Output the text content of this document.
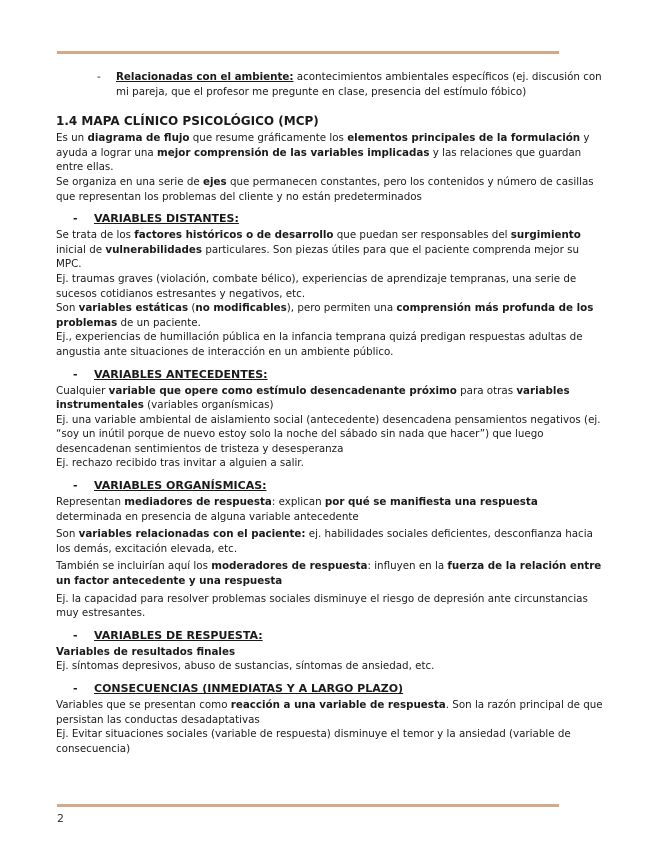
- Relacionadas con el ambiente: acontecimientos ambientales específicos (ej. discusión con mi pareja, que el profesor me pregunte en clase, presencia del estímulo fóbico)

1.4 MAPA CLÍNICO PSICOLÓGICO (MCP)

Es un diagrama de flujo que resume gráficamente los elementos principales de la formulación y ayuda a lograr una mejor comprensión de las variables implicadas y las relaciones que guardan entre ellas.

Se organiza en una serie de ejes que permanecen constantes, pero los contenidos y número de casillas que representan los problemas del cliente y no están predeterminados

- VARIABLES DISTANTES:

Se trata de los factores históricos o de desarrollo que puedan ser responsables del surgimiento inicial de vulnerabilidades particulares. Son piezas útiles para que el paciente comprenda mejor su MPC.

Ej. traumas graves (violación, combate bélico), experiencias de aprendizaje tempranas, una serie de sucesos cotidianos estresantes y negativos, etc.

Son variables estáticas (no modificables), pero permiten una comprensión más profunda de los problemas de un paciente.

Ej., experiencias de humillación pública en la infancia temprana quizá predigan respuestas adultas de angustia ante situaciones de interacción en un ambiente público.

- VARIABLES ANTECEDENTES:

Cualquier variable que opere como estímulo desencadenante próximo para otras variables instrumentales (variables organísmicas)

Ej. una variable ambiental de aislamiento social (antecedente) desencadena pensamientos negativos (ej. “soy un inútil porque de nuevo estoy solo la noche del sábado sin nada que hacer”) que luego desencadenan sentimientos de tristeza y desesperanza

Ej. rechazo recibido tras invitar a alguien a salir.

- VARIABLES ORGANÍSMICAS:

Representan mediadores de respuesta: explican por qué se manifiesta una respuesta determinada en presencia de alguna variable antecedente

Son variables relacionadas con el paciente: ej. habilidades sociales deficientes, desconfianza hacia los demás, excitación elevada, etc.

También se incluirían aquí los moderadores de respuesta: influyen en la fuerza de la relación entre un factor antecedente y una respuesta

Ej. la capacidad para resolver problemas sociales disminuye el riesgo de depresión ante circunstancias muy estresantes.

- VARIABLES DE RESPUESTA:

Variables de resultados finales

Ej. síntomas depresivos, abuso de sustancias, síntomas de ansiedad, etc.

- CONSECUENCIAS (INMEDIATAS Y A LARGO PLAZO)

Variables que se presentan como reacción a una variable de respuesta. Son la razón principal de que persistan las conductas desadaptativas

Ej. Evitar situaciones sociales (variable de respuesta) disminuye el temor y la ansiedad (variable de consecuencia)

2
